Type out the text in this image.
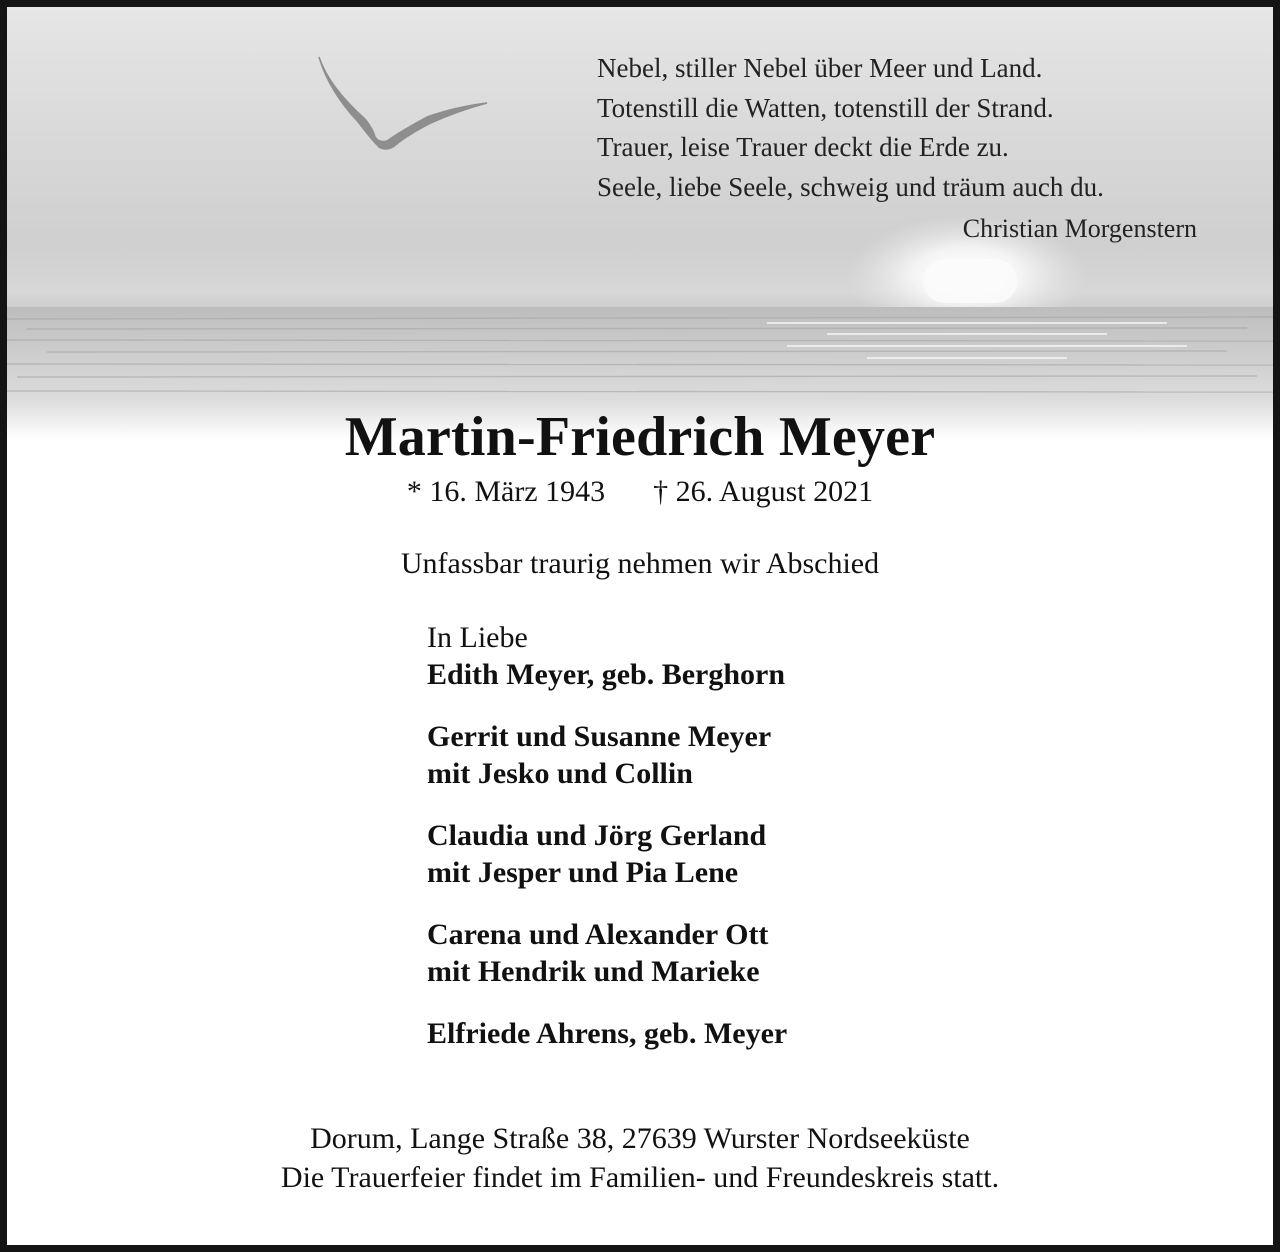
Nebel, stiller Nebel über Meer und Land.
Totenstill die Watten, totenstill der Strand.
Trauer, leise Trauer deckt die Erde zu.
Seele, liebe Seele, schweig und träum auch du.
Christian Morgenstern
Martin-Friedrich Meyer
* 16. März 1943 † 26. August 2021
Unfassbar traurig nehmen wir Abschied
In Liebe
Edith Meyer, geb. Berghorn
Gerrit und Susanne Meyer
mit Jesko und Collin
Claudia und Jörg Gerland
mit Jesper und Pia Lene
Carena und Alexander Ott
mit Hendrik und Marieke
Elfriede Ahrens, geb. Meyer
Dorum, Lange Straße 38, 27639 Wurster Nordseeküste
Die Trauerfeier findet im Familien- und Freundeskreis statt.
